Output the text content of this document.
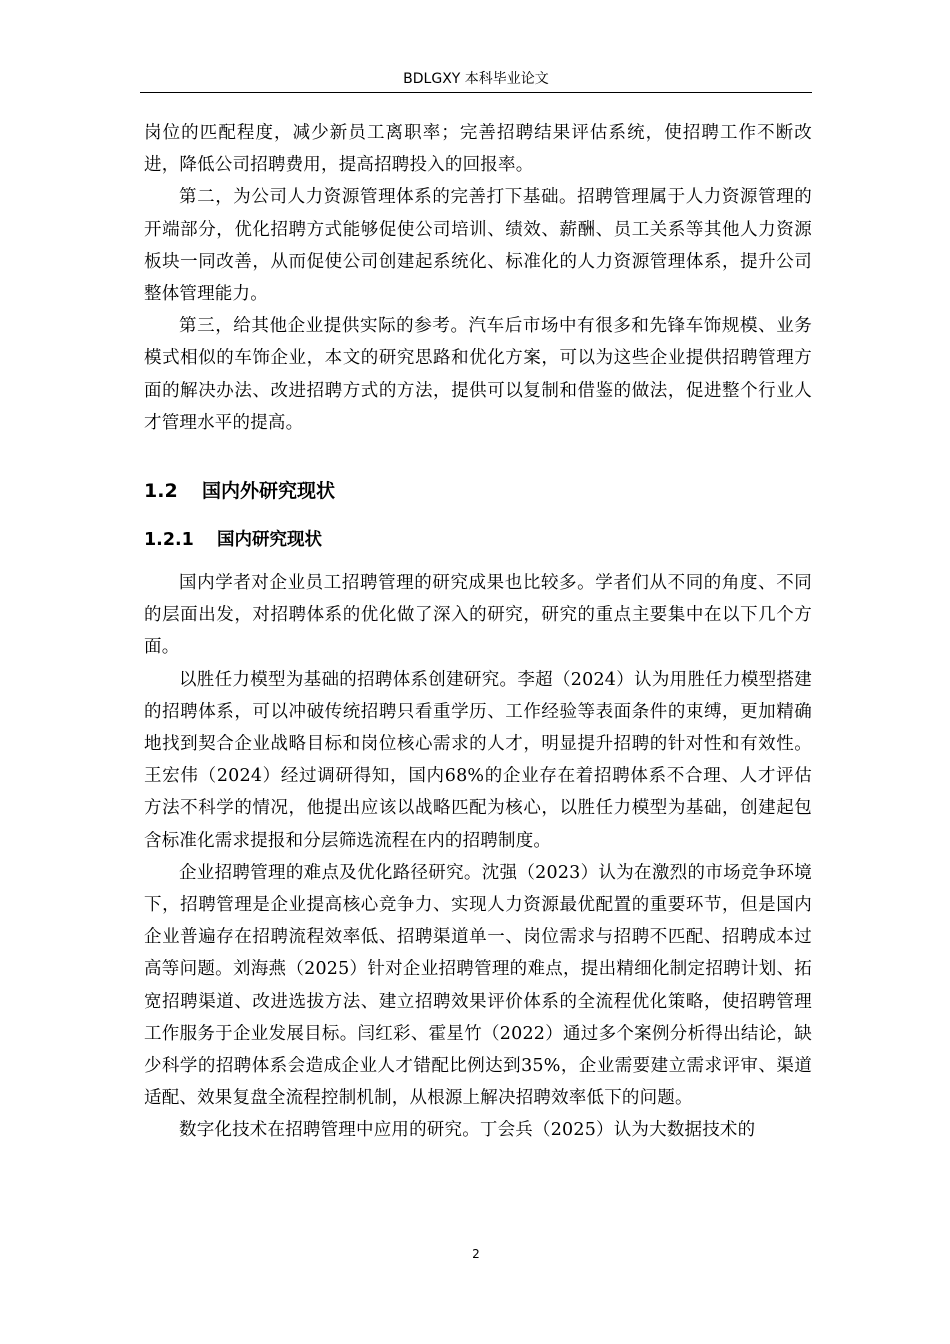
BDLGXY 本科毕业论文

岗位的匹配程度，减少新员工离职率；完善招聘结果评估系统，使招聘工作不断改进，降低公司招聘费用，提高招聘投入的回报率。

第二，为公司人力资源管理体系的完善打下基础。招聘管理属于人力资源管理的开端部分，优化招聘方式能够促使公司培训、绩效、薪酬、员工关系等其他人力资源板块一同改善，从而促使公司创建起系统化、标准化的人力资源管理体系，提升公司整体管理能力。

第三，给其他企业提供实际的参考。汽车后市场中有很多和先锋车饰规模、业务模式相似的车饰企业，本文的研究思路和优化方案，可以为这些企业提供招聘管理方面的解决办法、改进招聘方式的方法，提供可以复制和借鉴的做法，促进整个行业人才管理水平的提高。

1.2 国内外研究现状
1.2.1 国内研究现状

国内学者对企业员工招聘管理的研究成果也比较多。学者们从不同的角度、不同的层面出发，对招聘体系的优化做了深入的研究，研究的重点主要集中在以下几个方面。

以胜任力模型为基础的招聘体系创建研究。李超（2024）认为用胜任力模型搭建的招聘体系，可以冲破传统招聘只看重学历、工作经验等表面条件的束缚，更加精确地找到契合企业战略目标和岗位核心需求的人才，明显提升招聘的针对性和有效性。王宏伟（2024）经过调研得知，国内68%的企业存在着招聘体系不合理、人才评估方法不科学的情况，他提出应该以战略匹配为核心，以胜任力模型为基础，创建起包含标准化需求提报和分层筛选流程在内的招聘制度。

企业招聘管理的难点及优化路径研究。沈强（2023）认为在激烈的市场竞争环境下，招聘管理是企业提高核心竞争力、实现人力资源最优配置的重要环节，但是国内企业普遍存在招聘流程效率低、招聘渠道单一、岗位需求与招聘不匹配、招聘成本过高等问题。刘海燕（2025）针对企业招聘管理的难点，提出精细化制定招聘计划、拓宽招聘渠道、改进选拔方法、建立招聘效果评价体系的全流程优化策略，使招聘管理工作服务于企业发展目标。闫红彩、霍星竹（2022）通过多个案例分析得出结论，缺少科学的招聘体系会造成企业人才错配比例达到35%，企业需要建立需求评审、渠道适配、效果复盘全流程控制机制，从根源上解决招聘效率低下的问题。

数字化技术在招聘管理中应用的研究。丁会兵（2025）认为大数据技术的

2
